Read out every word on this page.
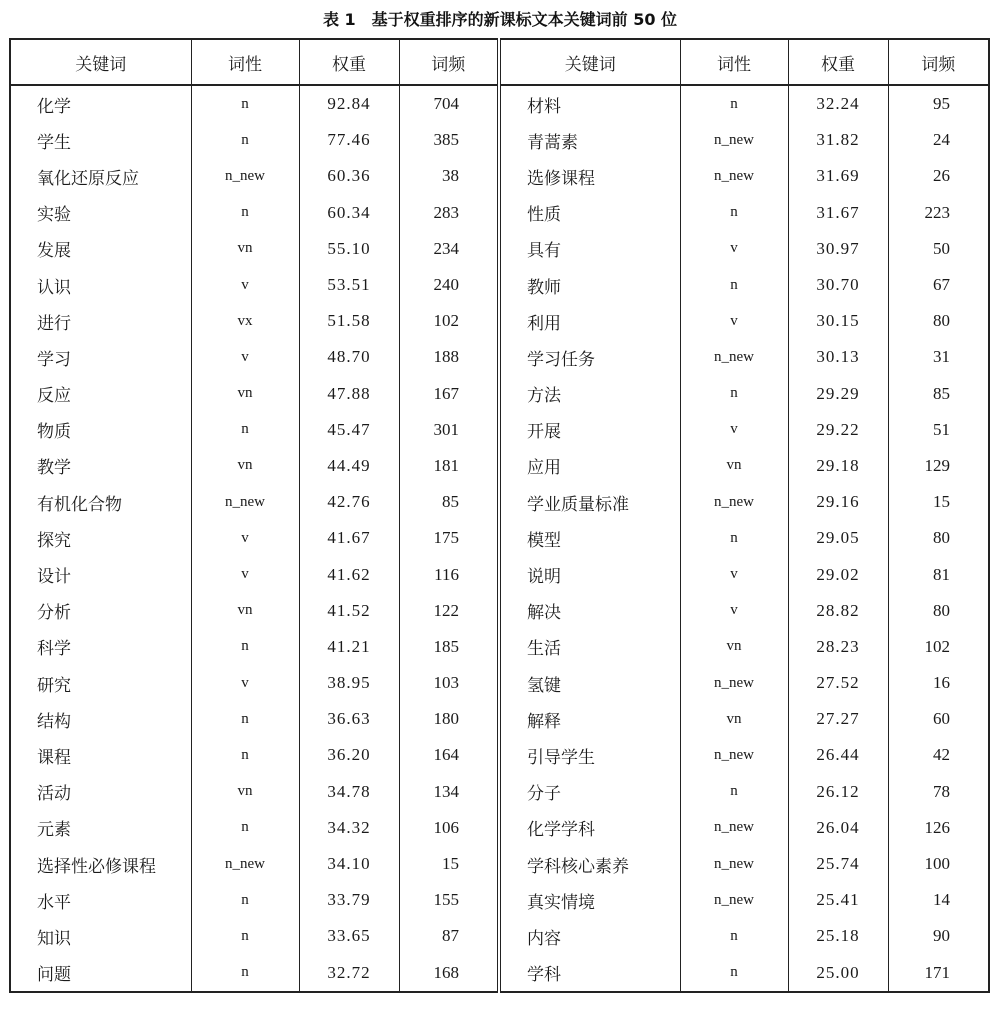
表 1　基于权重排序的新课标文本关键词前 50 位
关键词	词性	权重	词频	关键词	词性	权重	词频
化学	n	92.84	704	材料	n	32.24	95
学生	n	77.46	385	青蒿素	n_new	31.82	24
氧化还原反应	n_new	60.36	38	选修课程	n_new	31.69	26
实验	n	60.34	283	性质	n	31.67	223
发展	vn	55.10	234	具有	v	30.97	50
认识	v	53.51	240	教师	n	30.70	67
进行	vx	51.58	102	利用	v	30.15	80
学习	v	48.70	188	学习任务	n_new	30.13	31
反应	vn	47.88	167	方法	n	29.29	85
物质	n	45.47	301	开展	v	29.22	51
教学	vn	44.49	181	应用	vn	29.18	129
有机化合物	n_new	42.76	85	学业质量标准	n_new	29.16	15
探究	v	41.67	175	模型	n	29.05	80
设计	v	41.62	116	说明	v	29.02	81
分析	vn	41.52	122	解决	v	28.82	80
科学	n	41.21	185	生活	vn	28.23	102
研究	v	38.95	103	氢键	n_new	27.52	16
结构	n	36.63	180	解释	vn	27.27	60
课程	n	36.20	164	引导学生	n_new	26.44	42
活动	vn	34.78	134	分子	n	26.12	78
元素	n	34.32	106	化学学科	n_new	26.04	126
选择性必修课程	n_new	34.10	15	学科核心素养	n_new	25.74	100
水平	n	33.79	155	真实情境	n_new	25.41	14
知识	n	33.65	87	内容	n	25.18	90
问题	n	32.72	168	学科	n	25.00	171
